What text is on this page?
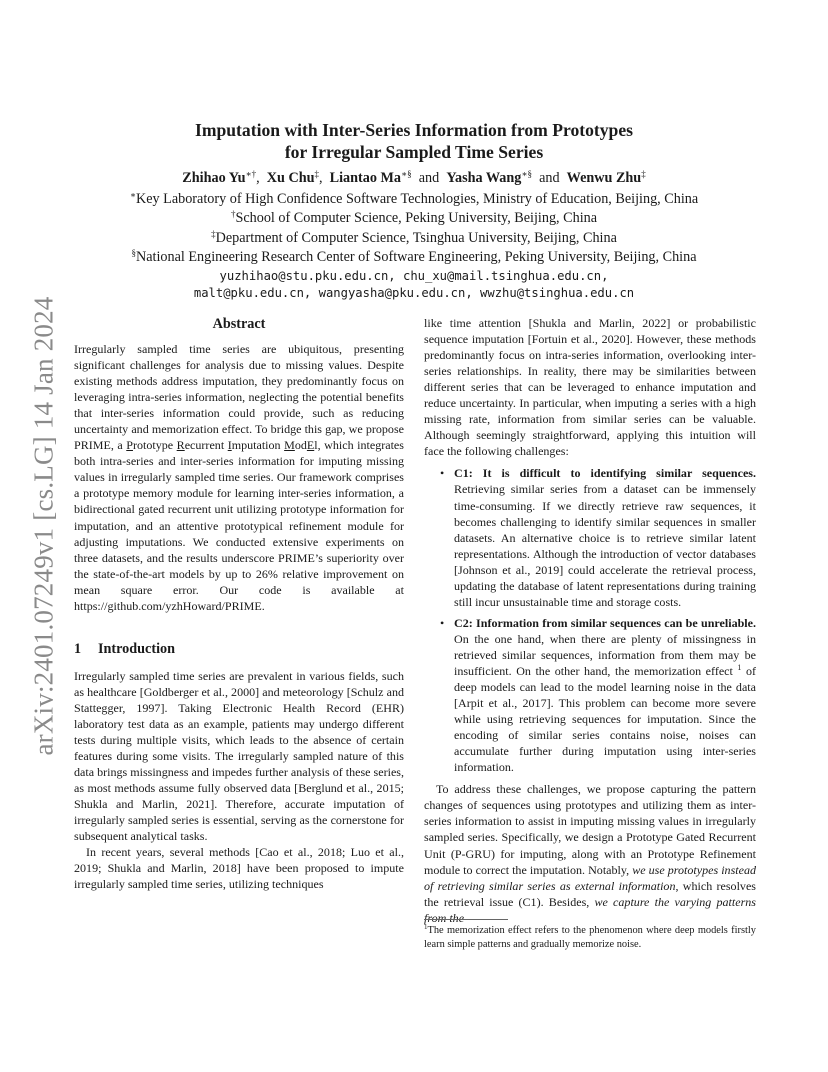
arXiv:2401.07249v1 [cs.LG] 14 Jan 2024
Imputation with Inter-Series Information from Prototypes
for Irregular Sampled Time Series
Zhihao Yu∗†, Xu Chu‡, Liantao Ma∗§ and Yasha Wang∗§ and Wenwu Zhu‡
∗Key Laboratory of High Confidence Software Technologies, Ministry of Education, Beijing, China
†School of Computer Science, Peking University, Beijing, China
‡Department of Computer Science, Tsinghua University, Beijing, China
§National Engineering Research Center of Software Engineering, Peking University, Beijing, China
yuzhihao@stu.pku.edu.cn, chu_xu@mail.tsinghua.edu.cn,
malt@pku.edu.cn, wangyasha@pku.edu.cn, wwzhu@tsinghua.edu.cn
Abstract

Irregularly sampled time series are ubiquitous, presenting significant challenges for analysis due to missing values. Despite existing methods address imputation, they predominantly focus on leveraging intra-series information, neglecting the potential benefits that inter-series information could provide, such as reducing uncertainty and memorization effect. To bridge this gap, we propose PRIME, a Prototype Recurrent Imputation ModEl, which integrates both intra-series and inter-series information for imputing missing values in irregularly sampled time series. Our framework comprises a prototype memory module for learning inter-series information, a bidirectional gated recurrent unit utilizing prototype information for imputation, and an attentive prototypical refinement module for adjusting imputations. We conducted extensive experiments on three datasets, and the results underscore PRIME’s superiority over the state-of-the-art models by up to 26% relative improvement on mean square error. Our code is available at https://github.com/yzhHoward/PRIME.

1 Introduction

Irregularly sampled time series are prevalent in various fields, such as healthcare [Goldberger et al., 2000] and meteorology [Schulz and Stattegger, 1997]. Taking Electronic Health Record (EHR) laboratory test data as an example, patients may undergo different tests during multiple visits, which leads to the absence of certain features during some visits. The irregularly sampled nature of this data brings missingness and impedes further analysis of these series, as most methods assume fully observed data [Berglund et al., 2015; Shukla and Marlin, 2021]. Therefore, accurate imputation of irregularly sampled series is essential, serving as the cornerstone for subsequent analytical tasks.

In recent years, several methods [Cao et al., 2018; Luo et al., 2019; Shukla and Marlin, 2018] have been proposed to impute irregularly sampled time series, utilizing techniques

like time attention [Shukla and Marlin, 2022] or probabilistic sequence imputation [Fortuin et al., 2020]. However, these methods predominantly focus on intra-series information, overlooking inter-series relationships. In reality, there may be similarities between different series that can be leveraged to enhance imputation and reduce uncertainty. In particular, when imputing a series with a high missing rate, information from similar series can be valuable. Although seemingly straightforward, applying this intuition will face the following challenges:

• C1: It is difficult to identifying similar sequences. Retrieving similar series from a dataset can be immensely time-consuming. If we directly retrieve raw sequences, it becomes challenging to identify similar sequences in smaller datasets. An alternative choice is to retrieve similar latent representations. Although the introduction of vector databases [Johnson et al., 2019] could accelerate the retrieval process, updating the database of latent representations during training still incur unsustainable time and storage costs.
• C2: Information from similar sequences can be unreliable. On the one hand, when there are plenty of missingness in retrieved similar sequences, information from them may be insufficient. On the other hand, the memorization effect $^1$ of deep models can lead to the model learning noise in the data [Arpit et al., 2017]. This problem can become more severe while using retrieving sequences for imputation. Since the encoding of similar series contains noise, noises can accumulate further during imputation using inter-series information.

To address these challenges, we propose capturing the pattern changes of sequences using prototypes and utilizing them as inter-series information to assist in imputing missing values in irregularly sampled series. Specifically, we design a Prototype Gated Recurrent Unit (P-GRU) for imputing, along with an Prototype Refinement module to correct the imputation. Notably, we use prototypes instead of retrieving similar series as external information, which resolves the retrieval issue (C1). Besides, we capture the varying patterns from the

$^1$The memorization effect refers to the phenomenon where deep models firstly learn simple patterns and gradually memorize noise.
